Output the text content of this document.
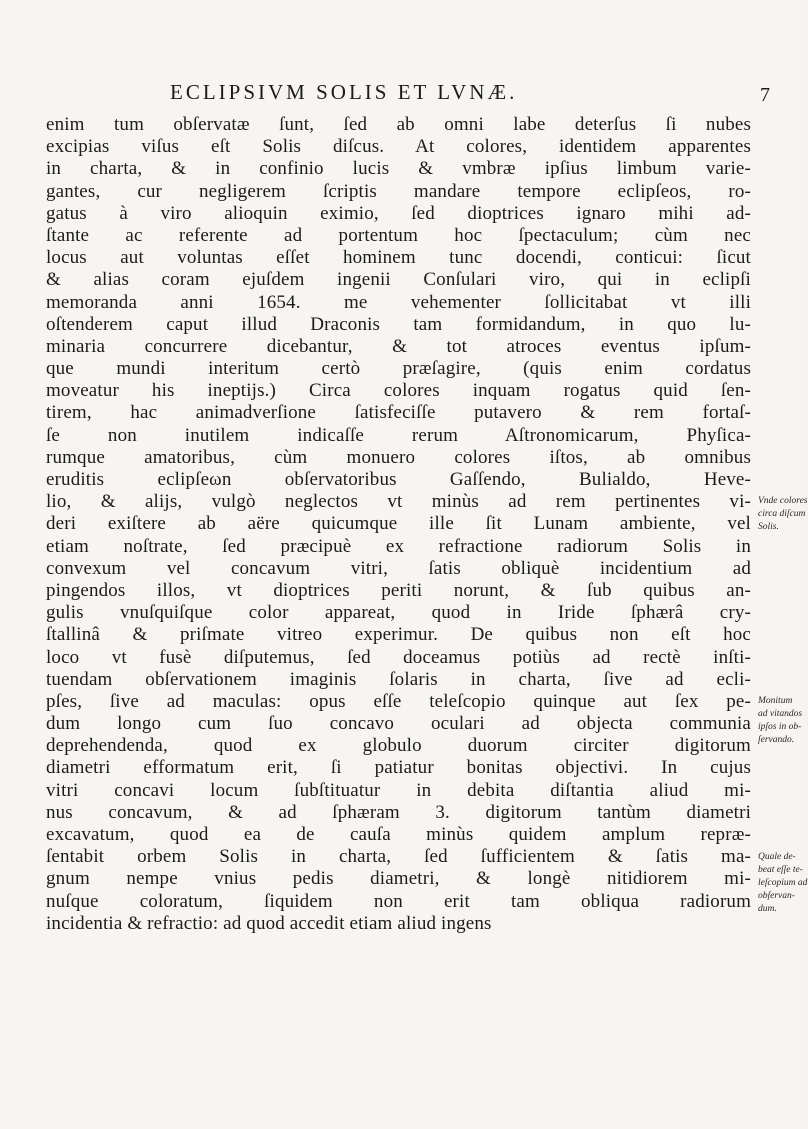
ECLIPSIVM SOLIS ET LVNÆ.	7
enim tum obſervatæ ſunt, ſed ab omni labe deterſus ſi nubes
excipias viſus eſt Solis diſcus. At colores, identidem apparentes
in charta, & in confinio lucis & vmbræ ipſius limbum varie-
gantes, cur negligerem ſcriptis mandare tempore eclipſeos, ro-
gatus à viro alioquin eximio, ſed dioptrices ignaro mihi ad-
ſtante ac referente ad portentum hoc ſpectaculum; cùm nec
locus aut voluntas eſſet hominem tunc docendi, conticui: ſicut
& alias coram ejuſdem ingenii Conſulari viro, qui in eclipſi
memoranda anni 1654. me vehementer ſollicitabat vt illi
oſtenderem caput illud Draconis tam formidandum, in quo lu-
minaria concurrere dicebantur, & tot atroces eventus ipſum-
que mundi interitum certò præſagire, (quis enim cordatus
moveatur his ineptijs.) Circa colores inquam rogatus quid ſen-
tirem, hac animadverſione ſatisfeciſſe putavero & rem fortaſ-
ſe non inutilem indicaſſe rerum Aſtronomicarum, Phyſica-
rumque amatoribus, cùm monuero colores iſtos, ab omnibus
eruditis eclipſeωn obſervatoribus Gaſſendo, Bulialdo, Heve-
lio, & alijs, vulgò neglectos vt minùs ad rem pertinentes vi-
deri exiſtere ab aëre quicumque ille ſit Lunam ambiente, vel
etiam noſtrate, ſed præcipuè ex refractione radiorum Solis in
convexum vel concavum vitri, ſatis obliquè incidentium ad
pingendos illos, vt dioptrices periti norunt, & ſub quibus an-
gulis vnuſquiſque color appareat, quod in Iride ſphærâ cry-
ſtallinâ & priſmate vitreo experimur. De quibus non eſt hoc
loco vt fusè diſputemus, ſed doceamus potiùs ad rectè inſti-
tuendam obſervationem imaginis ſolaris in charta, ſive ad ecli-
pſes, ſive ad maculas: opus eſſe teleſcopio quinque aut ſex pe-
dum longo cum ſuo concavo oculari ad objecta communia
deprehendenda, quod ex globulo duorum circiter digitorum
diametri efformatum erit, ſi patiatur bonitas objectivi. In cujus
vitri concavi locum ſubſtituatur in debita diſtantia aliud mi-
nus concavum, & ad ſphæram 3. digitorum tantùm diametri
excavatum, quod ea de cauſa minùs quidem amplum repræ-
ſentabit orbem Solis in charta, ſed ſufficientem & ſatis ma-
gnum nempe vnius pedis diametri, & longè nitidiorem mi-
nuſque coloratum, ſiquidem non erit tam obliqua radiorum
incidentia & refractio: ad quod accedit etiam aliud ingens
Vnde colores
circa diſcum
Solis.
Monitum
ad vitandos
ipſos in ob-
ſervando.
Quale de-
beat eſſe te-
leſcopium ad
obſervan-
dum.
